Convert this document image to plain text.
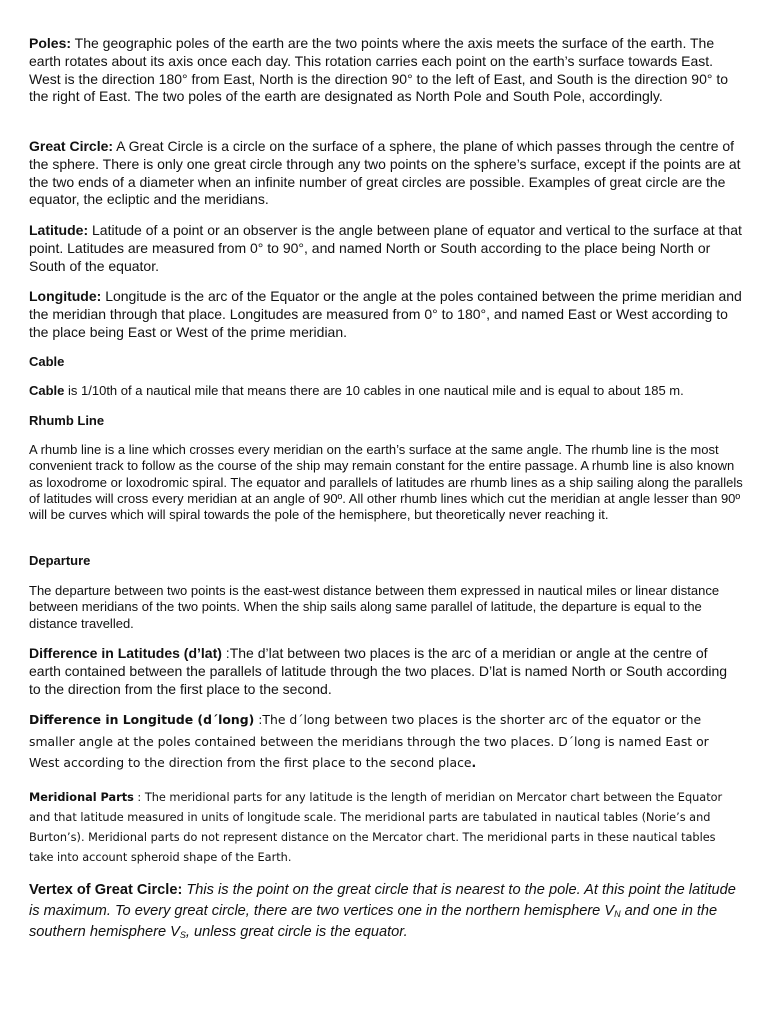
Poles: The geographic poles of the earth are the two points where the axis meets the surface of the earth. The earth rotates about its axis once each day. This rotation carries each point on the earth’s surface towards East. West is the direction 180° from East, North is the direction 90° to the left of East, and South is the direction 90° to the right of East. The two poles of the earth are designated as North Pole and South Pole, accordingly.

Great Circle: A Great Circle is a circle on the surface of a sphere, the plane of which passes through the centre of the sphere. There is only one great circle through any two points on the sphere’s surface, except if the points are at the two ends of a diameter when an infinite number of great circles are possible. Examples of great circle are the equator, the ecliptic and the meridians.

Latitude: Latitude of a point or an observer is the angle between plane of equator and vertical to the surface at that point. Latitudes are measured from 0° to 90°, and named North or South according to the place being North or South of the equator.

Longitude: Longitude is the arc of the Equator or the angle at the poles contained between the prime meridian and the meridian through that place. Longitudes are measured from 0° to 180°, and named East or West according to the place being East or West of the prime meridian.

Cable

Cable is 1/10th of a nautical mile that means there are 10 cables in one nautical mile and is equal to about 185 m.

Rhumb Line

A rhumb line is a line which crosses every meridian on the earth’s surface at the same angle. The rhumb line is the most convenient track to follow as the course of the ship may remain constant for the entire passage. A rhumb line is also known as loxodrome or loxodromic spiral. The equator and parallels of latitudes are rhumb lines as a ship sailing along the parallels of latitudes will cross every meridian at an angle of 90º. All other rhumb lines which cut the meridian at angle lesser than 90º will be curves which will spiral towards the pole of the hemisphere, but theoretically never reaching it.

Departure

The departure between two points is the east-west distance between them expressed in nautical miles or linear distance between meridians of the two points. When the ship sails along same parallel of latitude, the departure is equal to the distance travelled.

Difference in Latitudes (d’lat) :The d’lat between two places is the arc of a meridian or angle at the centre of earth contained between the parallels of latitude through the two places. D’lat is named North or South according to the direction from the first place to the second.

Difference in Longitude (d´long) :The d´long between two places is the shorter arc of the equator or the smaller angle at the poles contained between the meridians through the two places. D´long is named East or West according to the direction from the first place to the second place.

Meridional Parts : The meridional parts for any latitude is the length of meridian on Mercator chart between the Equator and that latitude measured in units of longitude scale. The meridional parts are tabulated in nautical tables (Norie’s and Burton’s). Meridional parts do not represent distance on the Mercator chart. The meridional parts in these nautical tables take into account spheroid shape of the Earth.

Vertex of Great Circle: This is the point on the great circle that is nearest to the pole. At this point the latitude is maximum. To every great circle, there are two vertices one in the northern hemisphere $V_N$ and one in the southern hemisphere $V_S$, unless great circle is the equator.
